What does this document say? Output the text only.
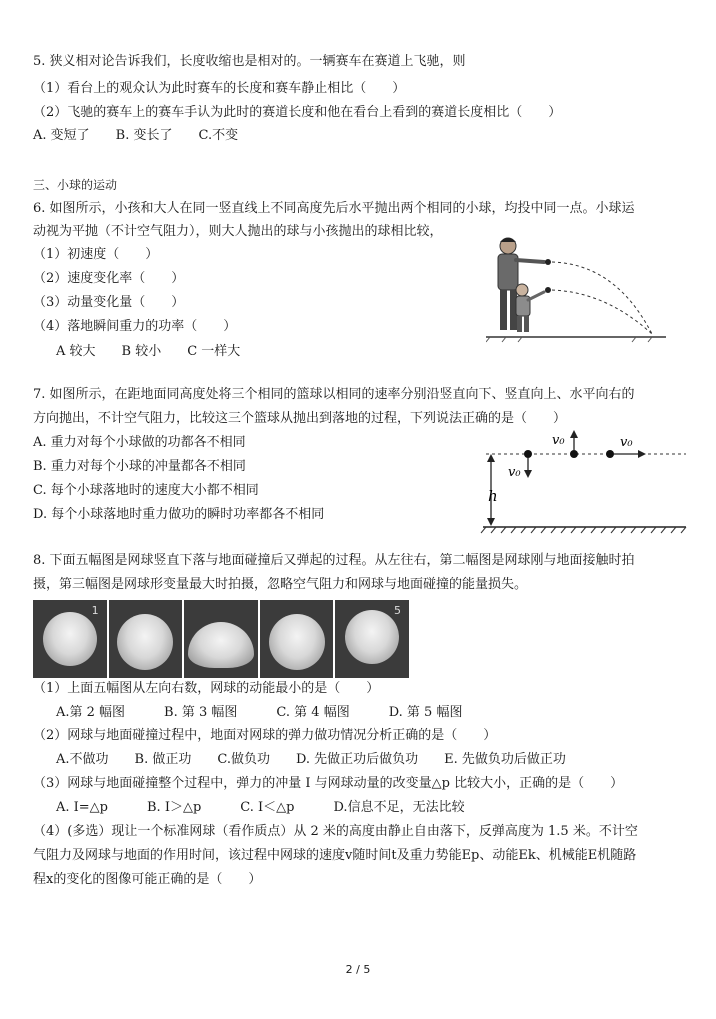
5. 狭义相对论告诉我们，长度收缩也是相对的。一辆赛车在赛道上飞驰，则
（1）看台上的观众认为此时赛车的长度和赛车静止相比（　　）
（2）飞驰的赛车上的赛车手认为此时的赛道长度和他在看台上看到的赛道长度相比（　　）
A. 变短了　　B. 变长了　　C.不变
三、小球的运动
6. 如图所示，小孩和大人在同一竖直线上不同高度先后水平抛出两个相同的小球，均投中同一点。小球运
动视为平抛（不计空气阻力），则大人抛出的球与小孩抛出的球相比较，
（1）初速度（　　）
（2）速度变化率（　　）
（3）动量变化量（　　）
（4）落地瞬间重力的功率（　　）
A 较大　　B 较小　　C 一样大
7. 如图所示，在距地面同高度处将三个相同的篮球以相同的速率分别沿竖直向下、竖直向上、水平向右的
方向抛出，不计空气阻力，比较这三个篮球从抛出到落地的过程，下列说法正确的是（　　）
A. 重力对每个小球做的功都各不相同
B. 重力对每个小球的冲量都各不相同
C. 每个小球落地时的速度大小都不相同
D. 每个小球落地时重力做功的瞬时功率都各不相同
h
v₀
v₀	v₀
8. 下面五幅图是网球竖直下落与地面碰撞后又弹起的过程。从左往右，第二幅图是网球刚与地面接触时拍
摄，第三幅图是网球形变量最大时拍摄，忽略空气阻力和网球与地面碰撞的能量损失。
1	5
（1）上面五幅图从左向右数，网球的动能最小的是（　　）
A.第 2 幅图　　　B. 第 3 幅图　　　C. 第 4 幅图　　　D. 第 5 幅图
（2）网球与地面碰撞过程中，地面对网球的弹力做功情况分析正确的是（　　）
A.不做功　　B. 做正功　　C.做负功　　D. 先做正功后做负功　　E. 先做负功后做正功
（3）网球与地面碰撞整个过程中，弹力的冲量 I 与网球动量的改变量△p 比较大小，正确的是（　　）
A. I=△p　　　B. I＞△p　　　C. I＜△p　　　D.信息不足，无法比较
（4）(多选）现让一个标准网球（看作质点）从 2 米的高度由静止自由落下，反弹高度为 1.5 米。不计空
气阻力及网球与地面的作用时间，该过程中网球的速度v随时间t及重力势能Ep、动能Ek、机械能E机随路
程x的变化的图像可能正确的是（　　）
2 / 5
